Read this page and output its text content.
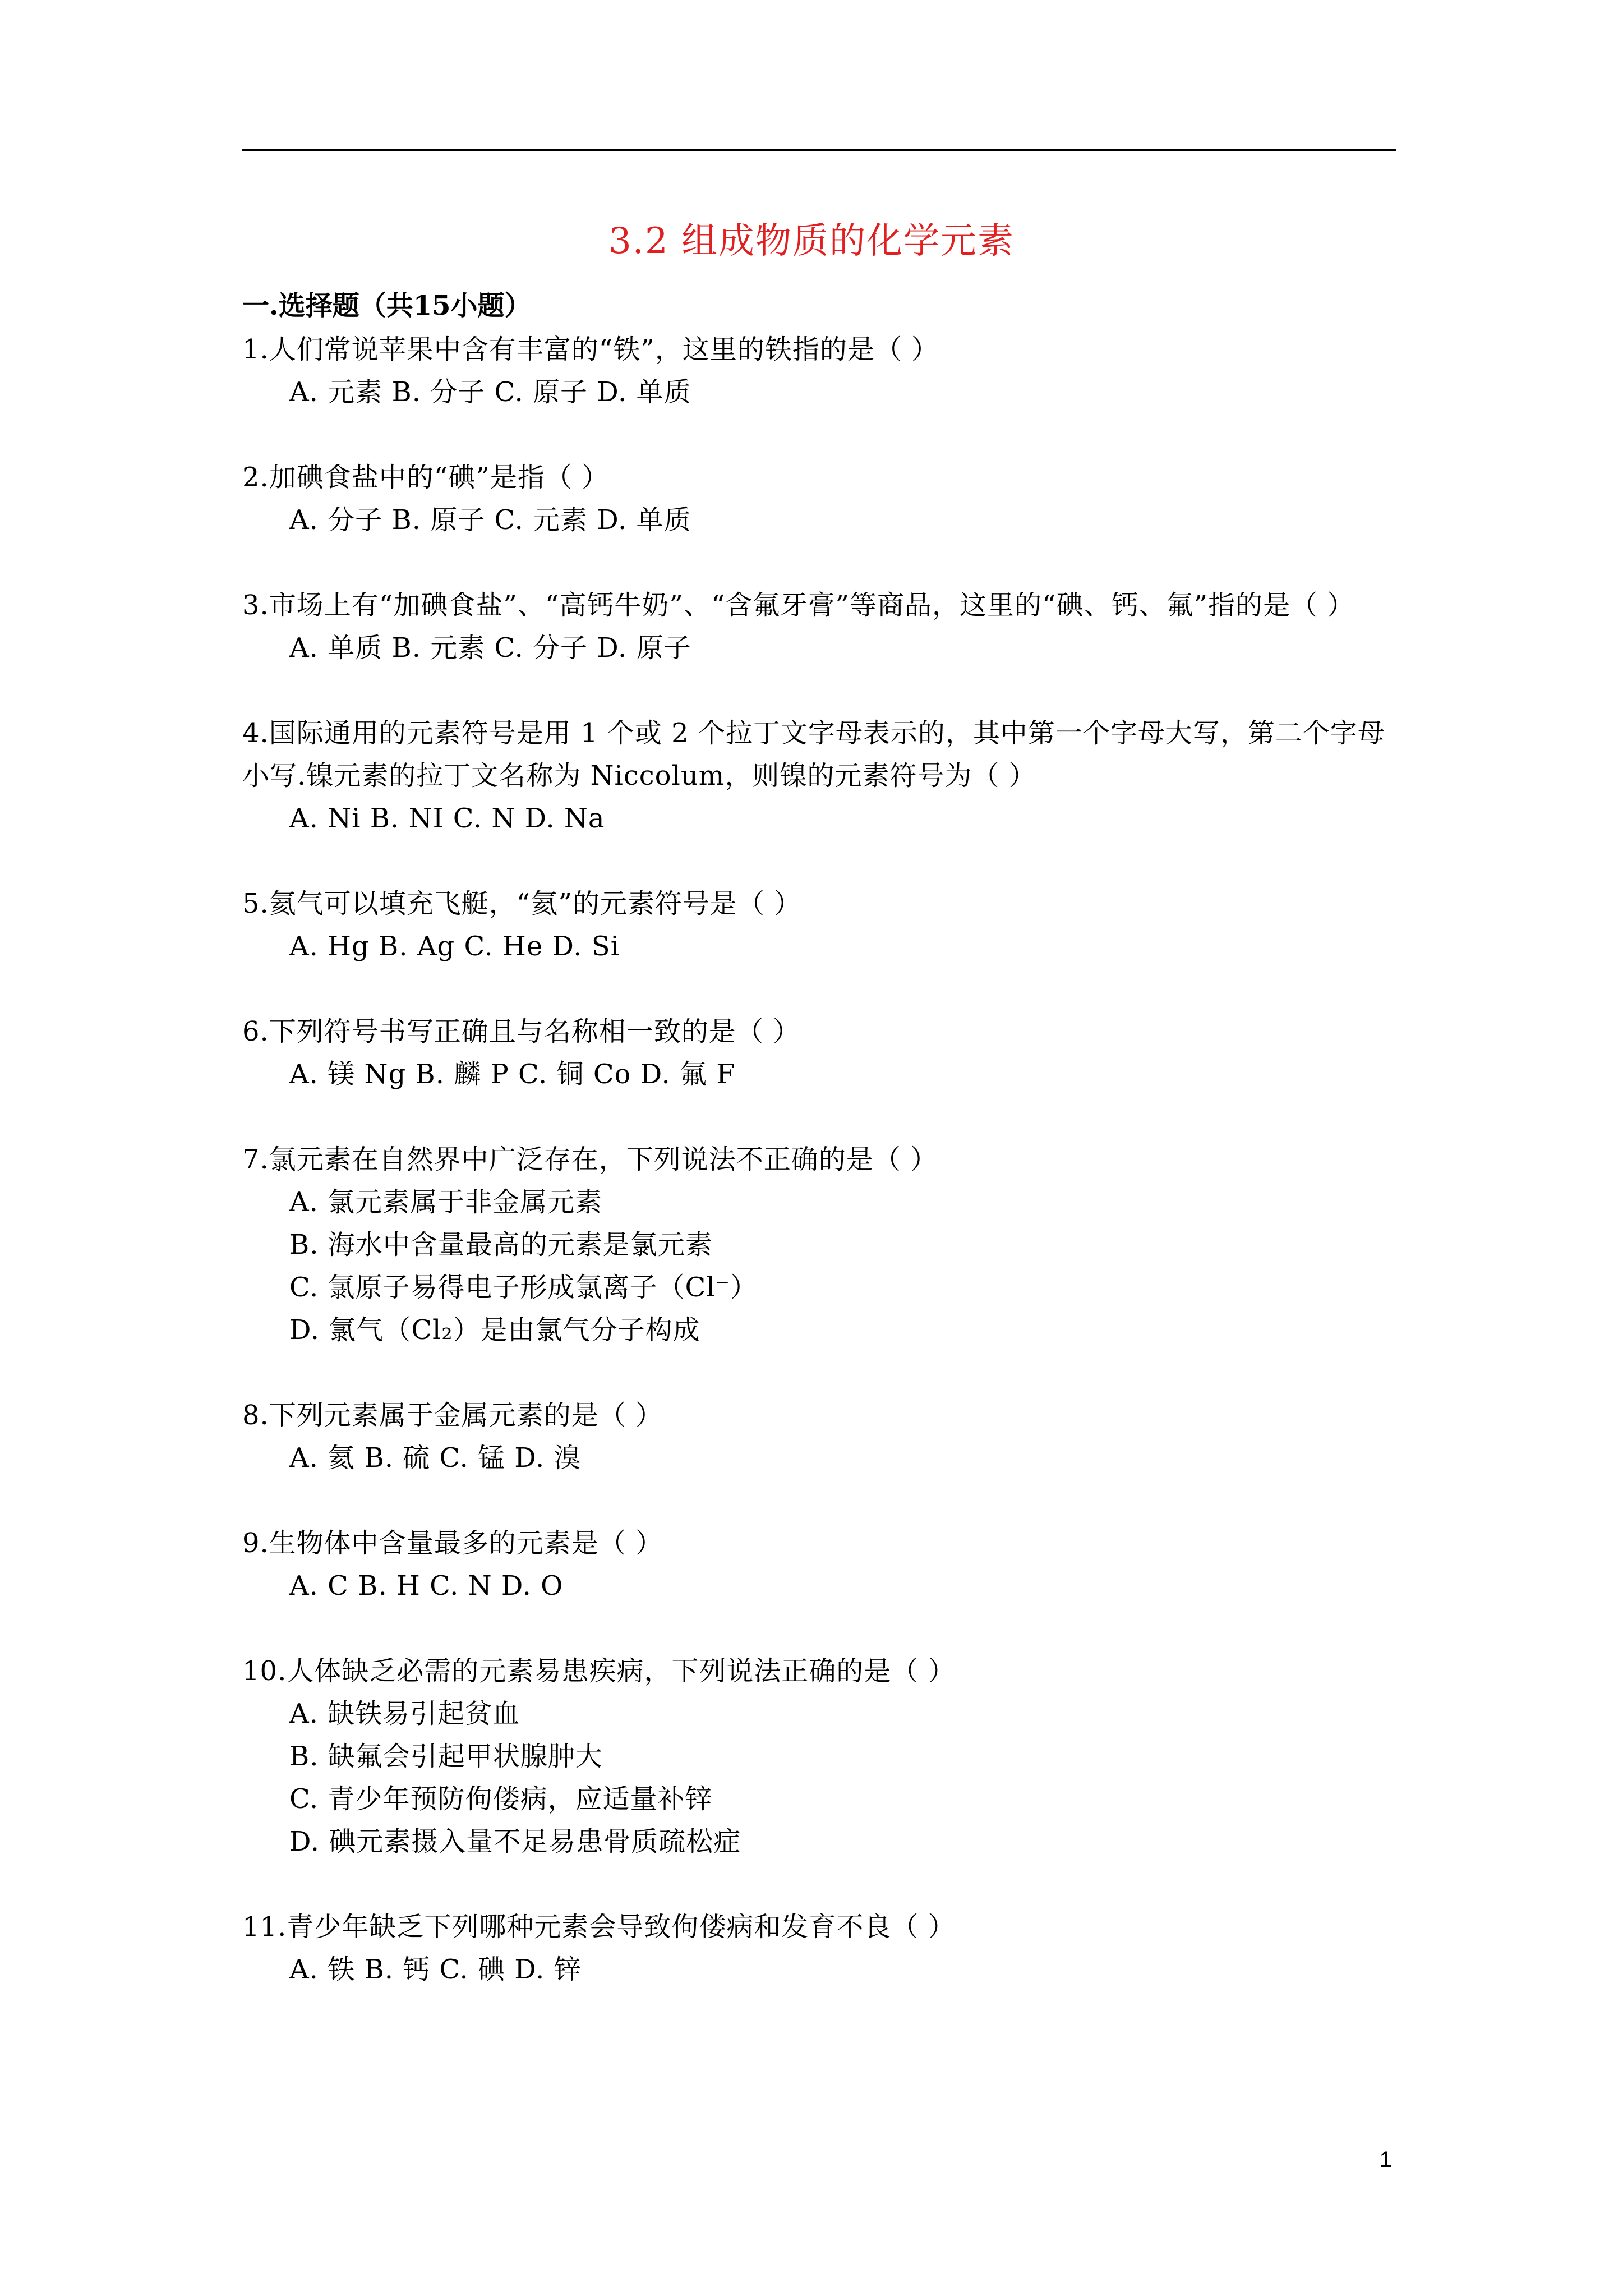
3.2 组成物质的化学元素
一.选择题（共15小题）
1.人们常说苹果中含有丰富的“铁”，这里的铁指的是（ ）
A. 元素 B. 分子 C. 原子 D. 单质
2.加碘食盐中的“碘”是指（ ）
A. 分子 B. 原子 C. 元素 D. 单质
3.市场上有“加碘食盐”、“高钙牛奶”、“含氟牙膏”等商品，这里的“碘、钙、氟”指的是（ ）
A. 单质 B. 元素 C. 分子 D. 原子
4.国际通用的元素符号是用 1 个或 2 个拉丁文字母表示的，其中第一个字母大写，第二个字母小写.镍元素的拉丁文名称为 Niccolum，则镍的元素符号为（ ）
A. Ni B. NI C. N D. Na
5.氦气可以填充飞艇，“氦”的元素符号是（ ）
A. Hg B. Ag C. He D. Si
6.下列符号书写正确且与名称相一致的是（ ）
A. 镁 Ng B. 麟 P C. 铜 Co D. 氟 F
7.氯元素在自然界中广泛存在，下列说法不正确的是（ ）
A. 氯元素属于非金属元素
B. 海水中含量最高的元素是氯元素
C. 氯原子易得电子形成氯离子（Cl⁻）
D. 氯气（Cl₂）是由氯气分子构成
8.下列元素属于金属元素的是（ ）
A. 氦 B. 硫 C. 锰 D. 溴
9.生物体中含量最多的元素是（ ）
A. C B. H C. N D. O
10.人体缺乏必需的元素易患疾病，下列说法正确的是（ ）
A. 缺铁易引起贫血
B. 缺氟会引起甲状腺肿大
C. 青少年预防佝偻病，应适量补锌
D. 碘元素摄入量不足易患骨质疏松症
11.青少年缺乏下列哪种元素会导致佝偻病和发育不良（ ）
A. 铁 B. 钙 C. 碘 D. 锌
1
